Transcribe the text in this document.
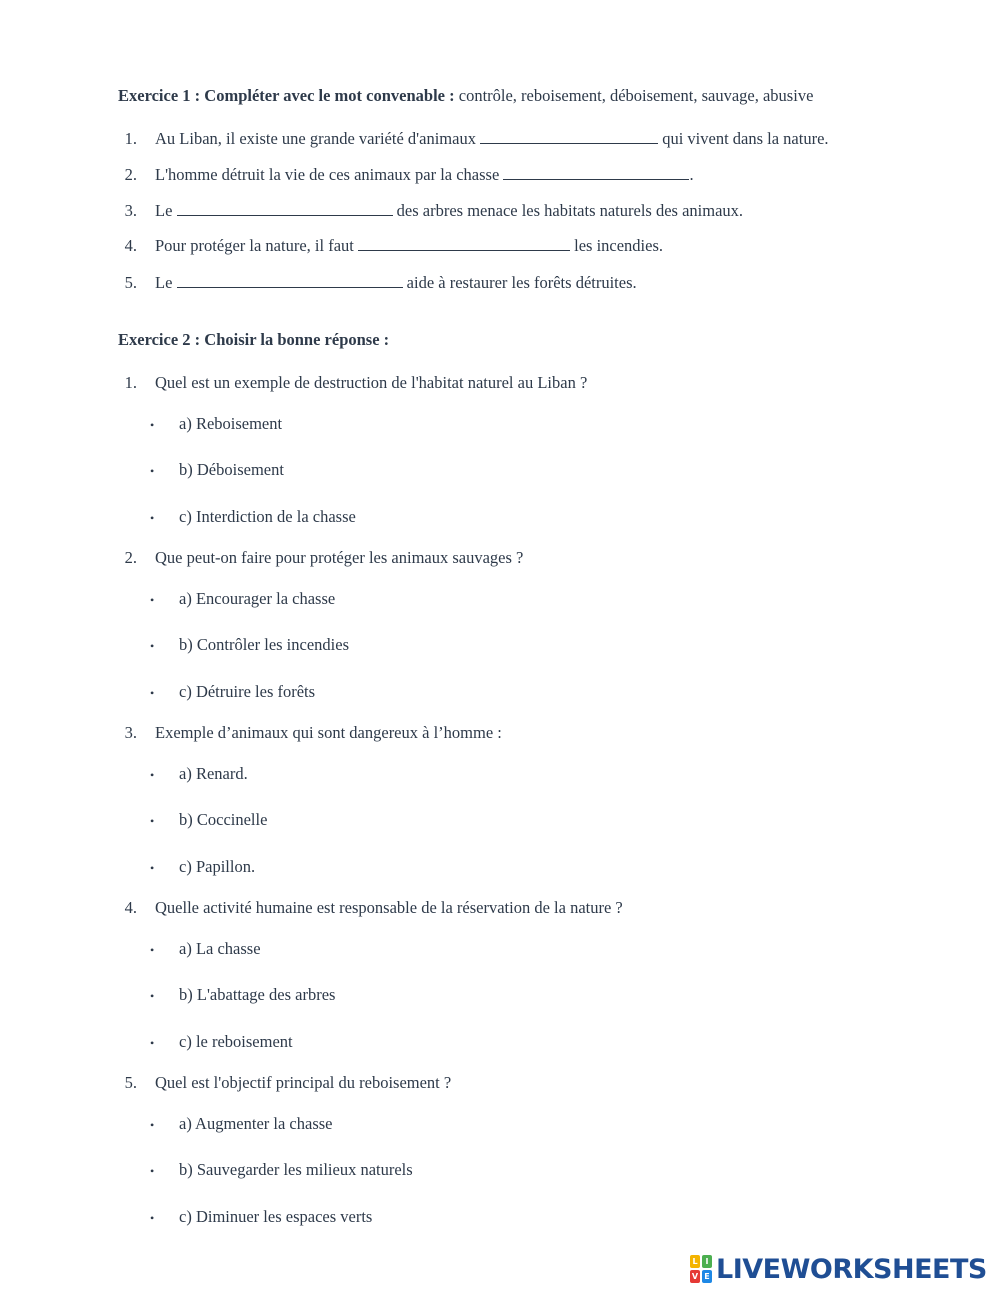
Exercice 1 : Compléter avec le mot convenable : contrôle, reboisement, déboisement, sauvage, abusive
1. Au Liban, il existe une grande variété d'animaux	qui vivent dans la nature.
2. L'homme détruit la vie de ces animaux par la chasse	.
3. Le	des arbres menace les habitats naturels des animaux.
4. Pour protéger la nature, il faut	les incendies.
5. Le	aide à restaurer les forêts détruites.
Exercice 2 : Choisir la bonne réponse :
1. Quel est un exemple de destruction de l'habitat naturel au Liban ?
• a) Reboisement
• b) Déboisement
• c) Interdiction de la chasse
2. Que peut-on faire pour protéger les animaux sauvages ?
• a) Encourager la chasse
• b) Contrôler les incendies
• c) Détruire les forêts
3. Exemple d’animaux qui sont dangereux à l’homme :
• a) Renard.
• b) Coccinelle
• c) Papillon.
4. Quelle activité humaine est responsable de la réservation de la nature ?
• a) La chasse
• b) L'abattage des arbres
• c) le reboisement
5. Quel est l'objectif principal du reboisement ?
• a) Augmenter la chasse
• b) Sauvegarder les milieux naturels
• c) Diminuer les espaces verts
L I
V E LIVEWORKSHEETS
